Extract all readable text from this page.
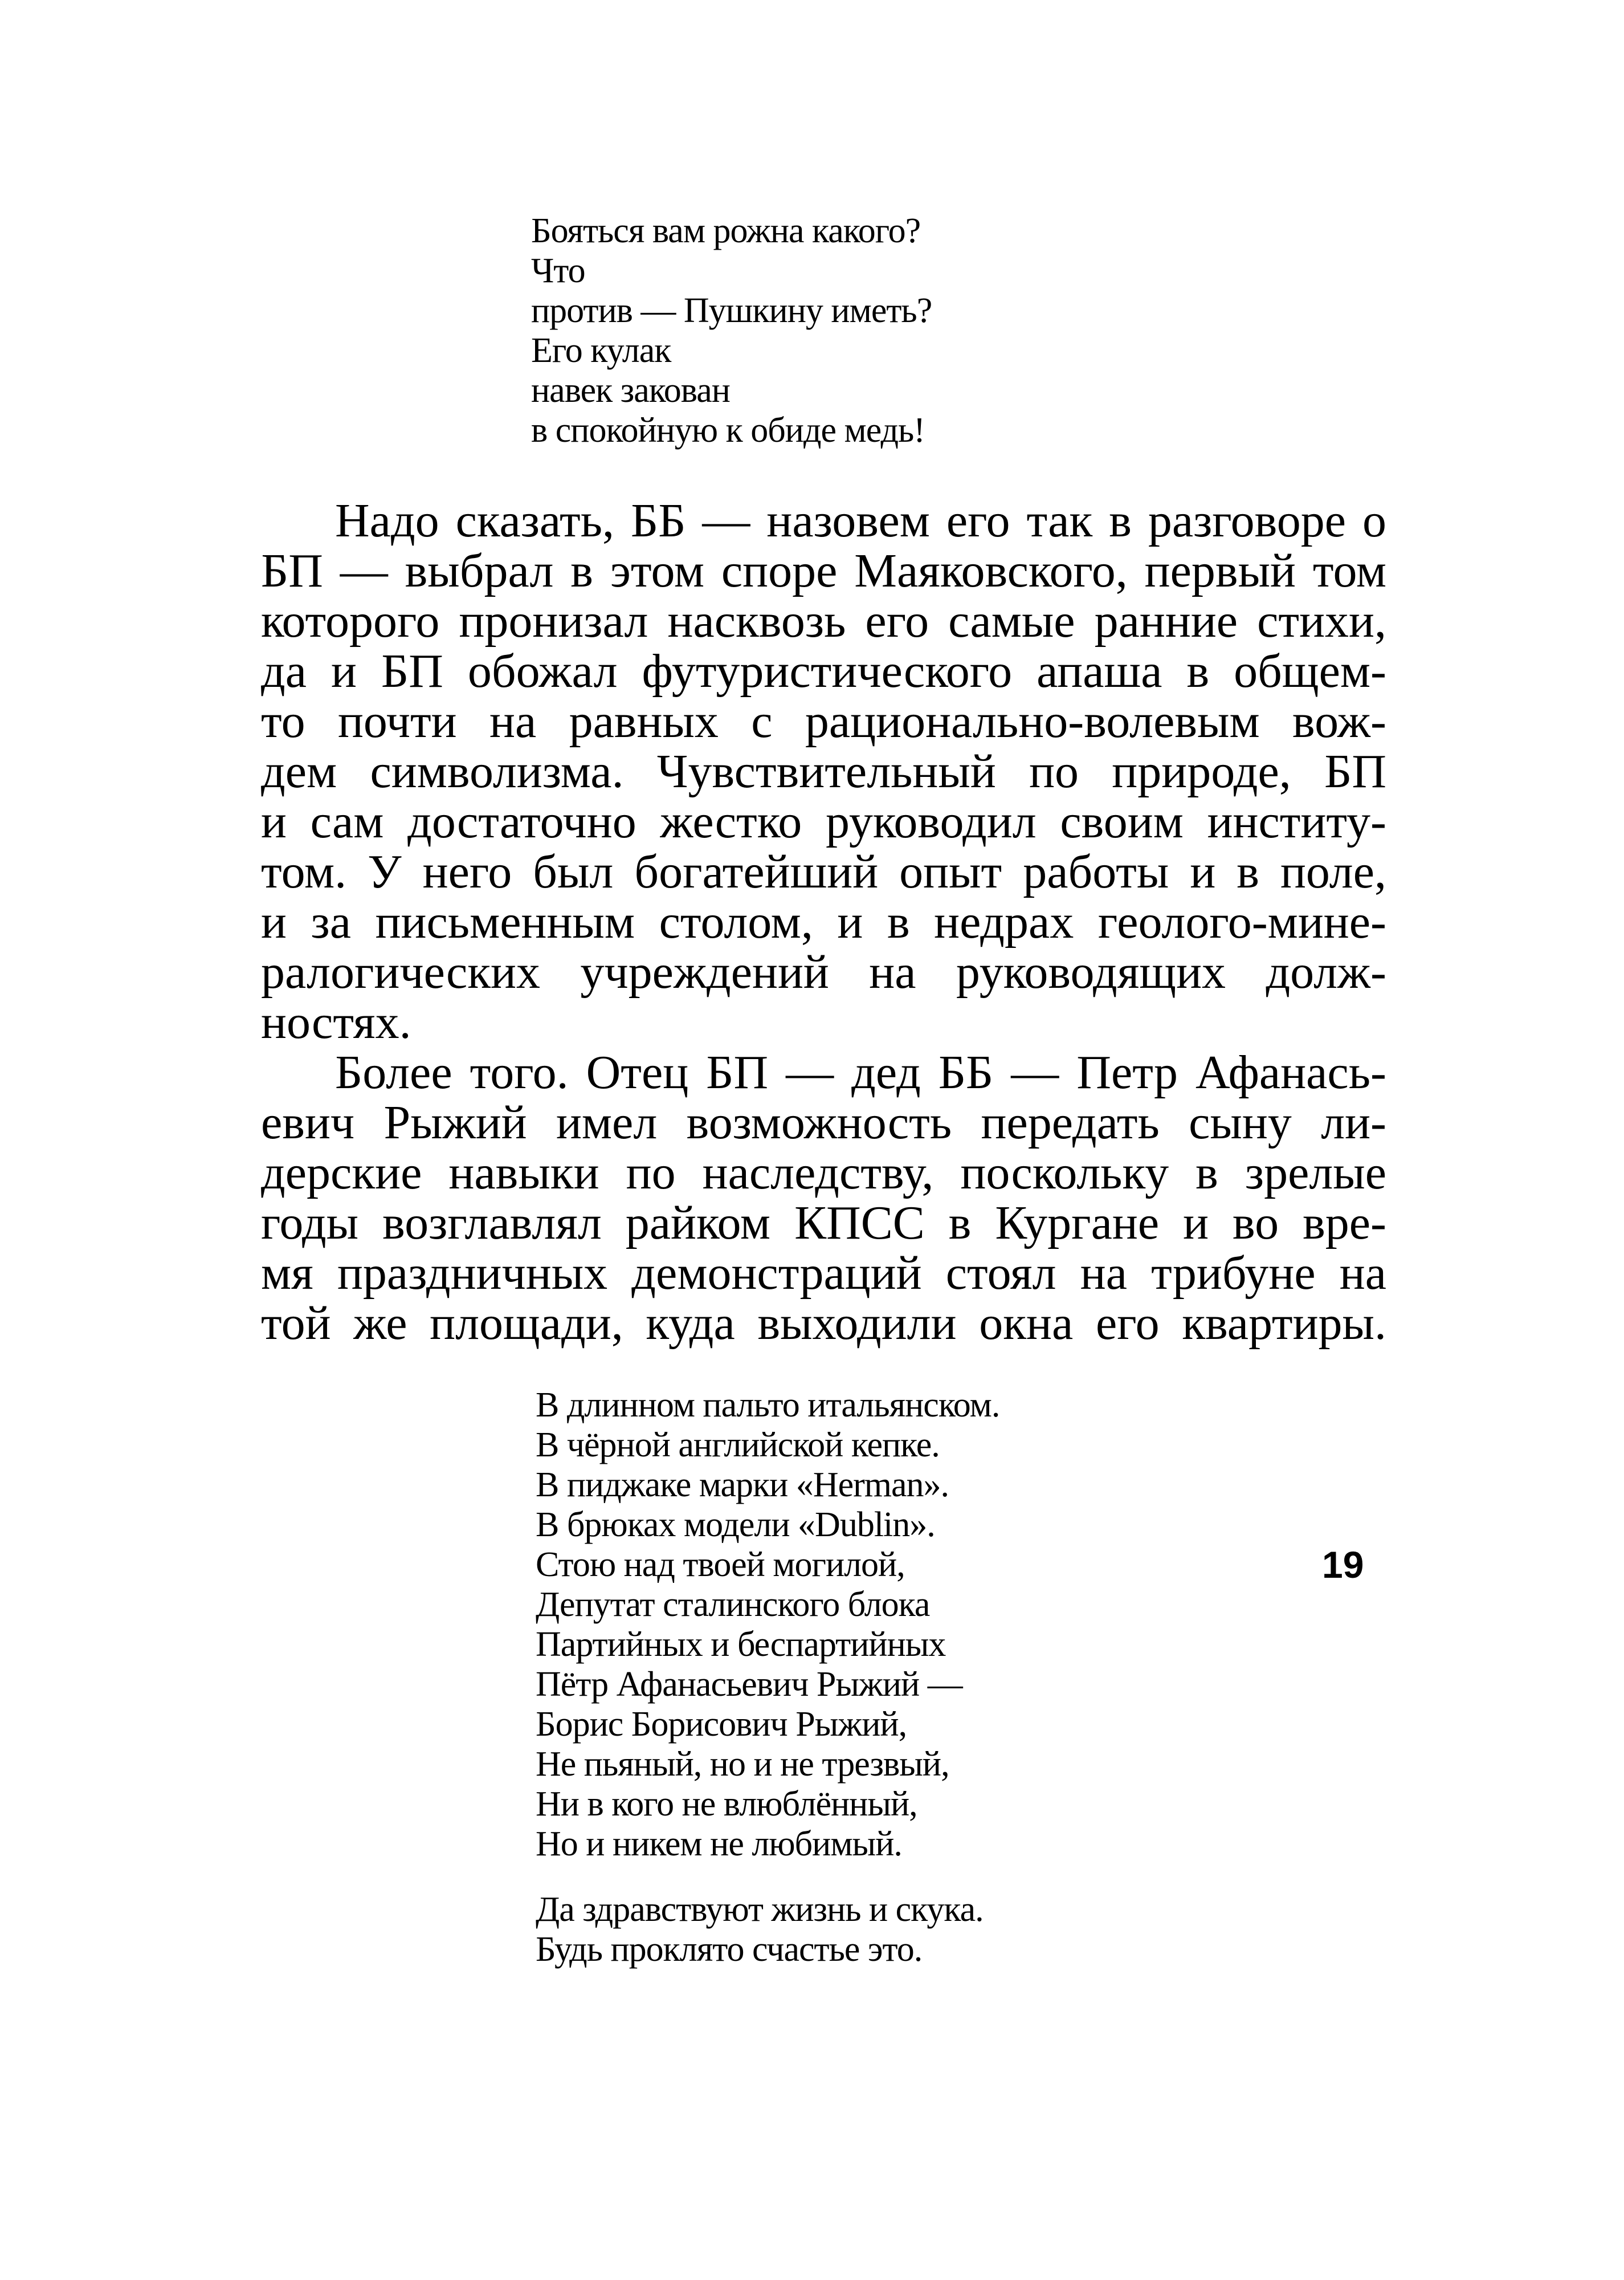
Бояться вам рожна какого?
Что
против — Пушкину иметь?
Его кулак
навек закован
в спокойную к обиде медь!
Надо сказать, ББ — назовем его так в разговоре о
БП — выбрал в этом споре Маяковского, первый том
которого пронизал насквозь его самые ранние стихи,
да и БП обожал футуристического апаша в общем-
то почти на равных с рационально-волевым вож-
дем символизма. Чувствительный по природе, БП
и сам достаточно жестко руководил своим институ-
том. У него был богатейший опыт работы и в поле,
и за письменным столом, и в недрах геолого-мине-
ралогических учреждений на руководящих долж-
ностях.
Более того. Отец БП — дед ББ — Петр Афанась-
евич Рыжий имел возможность передать сыну ли-
дерские навыки по наследству, поскольку в зрелые
годы возглавлял райком КПСС в Кургане и во вре-
мя праздничных демонстраций стоял на трибуне на
той же площади, куда выходили окна его квартиры.
В длинном пальто итальянском.
В чёрной английской кепке.
В пиджаке марки «Herman».
В брюках модели «Dublin».
Стою над твоей могилой,
Депутат сталинского блока
Партийных и беспартийных
Пётр Афанасьевич Рыжий —
Борис Борисович Рыжий,
Не пьяный, но и не трезвый,
Ни в кого не влюблённый,
Но и никем не любимый.
Да здравствуют жизнь и скука.
Будь проклято счастье это.
19
